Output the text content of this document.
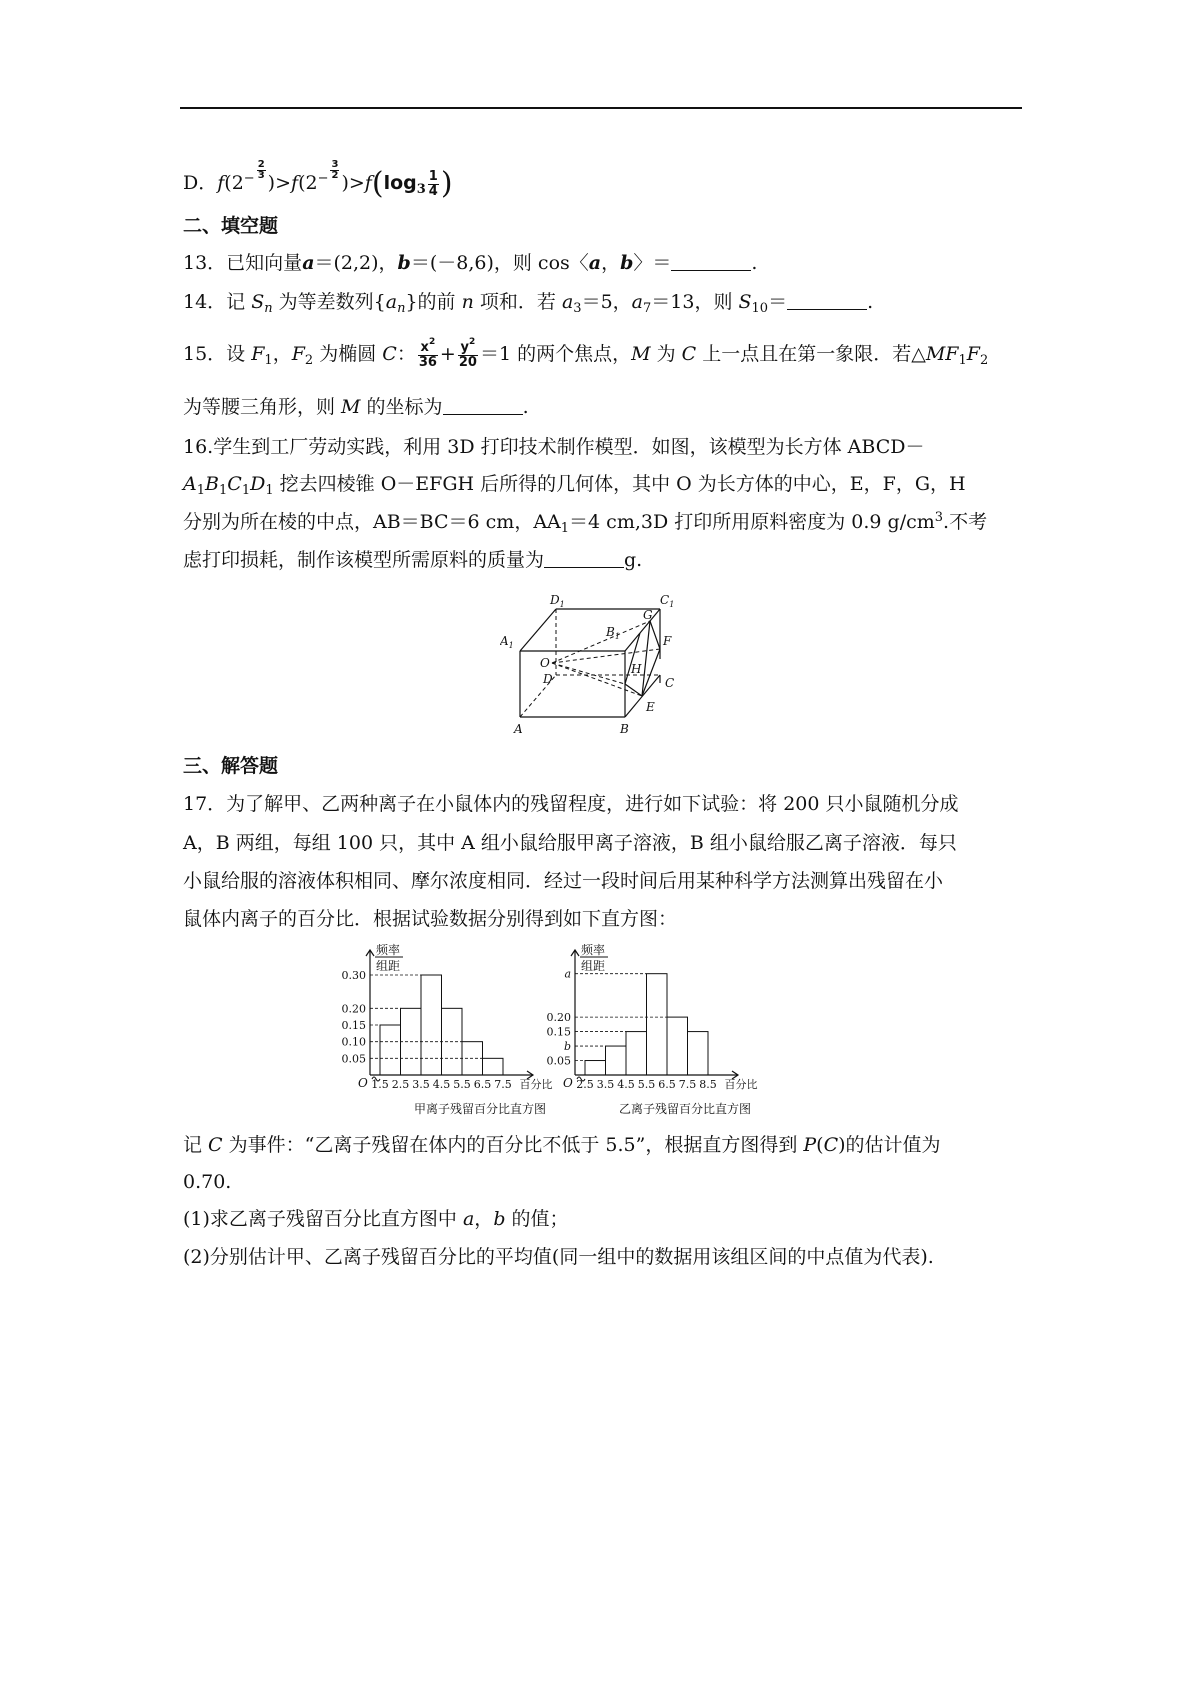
D．$f(2^{- \frac{2}{3}}$
)$>f(2^{- \frac{3}{2}}$
)$>f(\log_3 \frac{1}{4}$ )
二、填空题
13．已知向量a＝(2,2)，b＝(－8,6)，则 cos〈a，b〉＝	.
14．记 $S_n$ 为等差数列$\{a_n\}$的前 n 项和．若 $a_3=5$，$a_7=13$，则 $S_{10}=$	.
15．设 $F_1$，$F_2$ 为椭圆 C： $\frac{x^2}{36} + \frac{y^2}{20} =1$ 的两个焦点，M 为 C 上一点且在第一象限．若$\triangle MF_1F_2$
为等腰三角形，则 M 的坐标为	.
16.学生到工厂劳动实践，利用 3D 打印技术制作模型．如图，该模型为长方体 ABCD－
$A_1B_1C_1D_1$ 挖去四棱锥 O－EFGH 后所得的几何体，其中 O 为长方体的中心，E，F，G，H
分别为所在棱的中点，AB＝BC＝6 cm，$AA_1=4$ cm,3D 打印所用原料密度为 0.9 $g/cm^3$.不考
虑打印损耗，制作该模型所需原料的质量为	g.
$D_1$	$C_1$
G
$B_1$	F
$A_1$
O	H
D	C
E
A	B
三、解答题
17．为了解甲、乙两种离子在小鼠体内的残留程度，进行如下试验：将 200 只小鼠随机分成
A，B 两组，每组 100 只，其中 A 组小鼠给服甲离子溶液，B 组小鼠给服乙离子溶液．每只
小鼠给服的溶液体积相同、摩尔浓度相同．经过一段时间后用某种科学方法测算出残留在小
鼠体内离子的百分比．根据试验数据分别得到如下直方图：
频率
组距
0.30
0.20
0.15
0.10
0.05
1.5 2.5 3.5 4.5 5.5 6.5 7.5 百分比
O
甲离子残留百分比直方图
频率
组距
a
0.20
0.15
b
0.05
2.5 3.5 4.5 5.5 6.5 7.5 8.5 百分比
O
乙离子残留百分比直方图
记 C 为事件：“乙离子残留在体内的百分比不低于 5.5”，根据直方图得到 P(C)的估计值为
0.70.
(1)求乙离子残留百分比直方图中 a，b 的值；
(2)分别估计甲、乙离子残留百分比的平均值(同一组中的数据用该组区间的中点值为代表).
